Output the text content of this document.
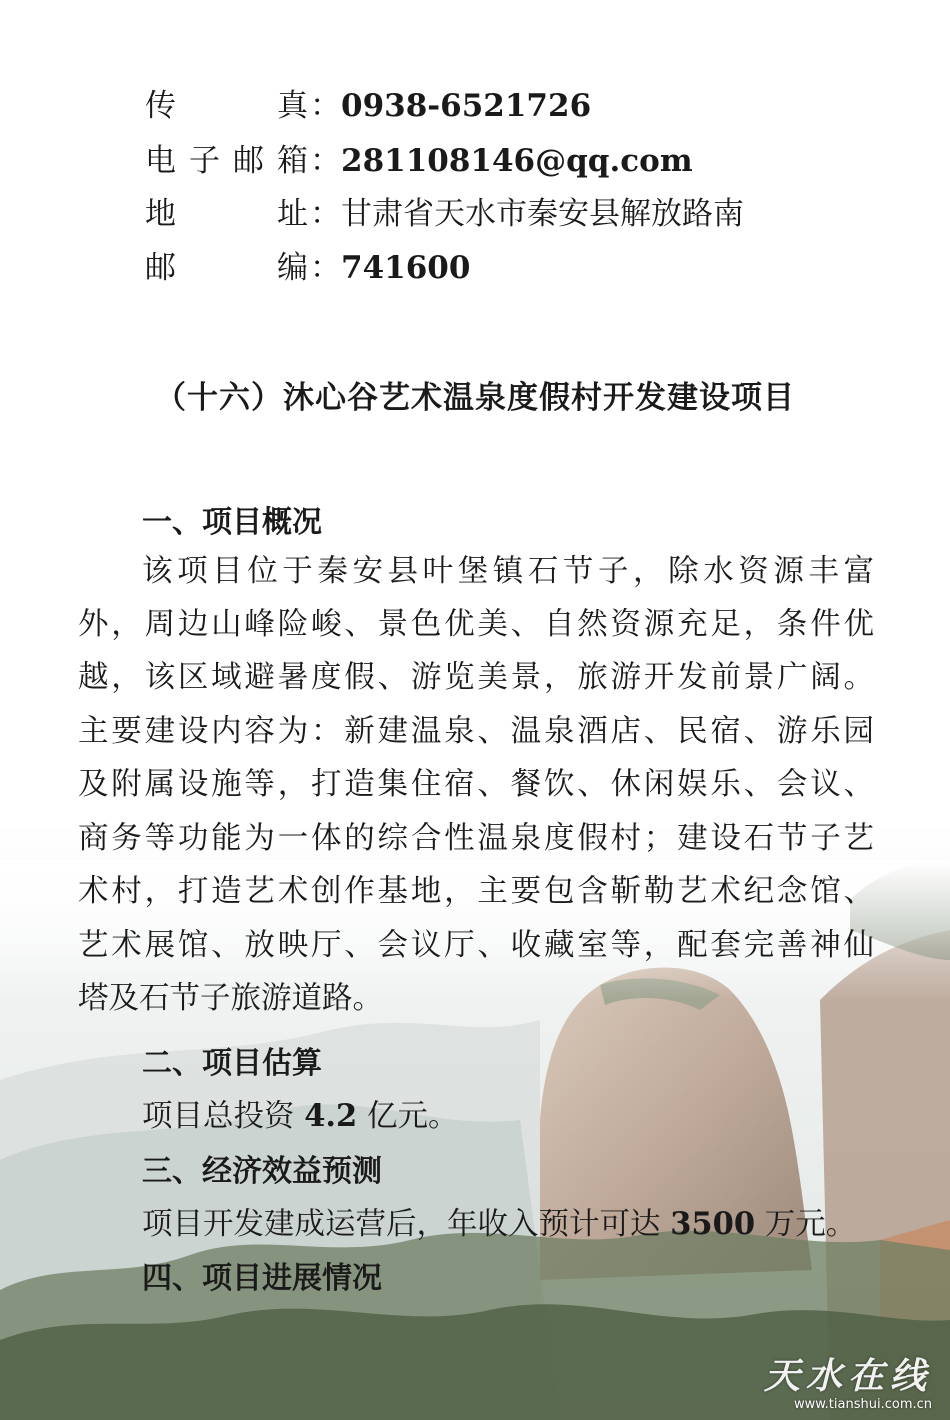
传真：0938-6521726
电子邮箱：281108146@qq.com
地址：甘肃省天水市秦安县解放路南
邮编：741600
（十六）沐心谷艺术温泉度假村开发建设项目
一、项目概况
该项目位于秦安县叶堡镇石节子，除水资源丰富
外，周边山峰险峻、景色优美、自然资源充足，条件优
越，该区域避暑度假、游览美景，旅游开发前景广阔。
主要建设内容为：新建温泉、温泉酒店、民宿、游乐园
及附属设施等，打造集住宿、餐饮、休闲娱乐、会议、
商务等功能为一体的综合性温泉度假村；建设石节子艺
术村，打造艺术创作基地，主要包含靳勒艺术纪念馆、
艺术展馆、放映厅、会议厅、收藏室等，配套完善神仙
塔及石节子旅游道路。
二、项目估算
项目总投资 4.2 亿元。
三、经济效益预测
项目开发建成运营后，年收入预计可达 3500 万元。
四、项目进展情况
天水在线
www.tianshui.com.cn
